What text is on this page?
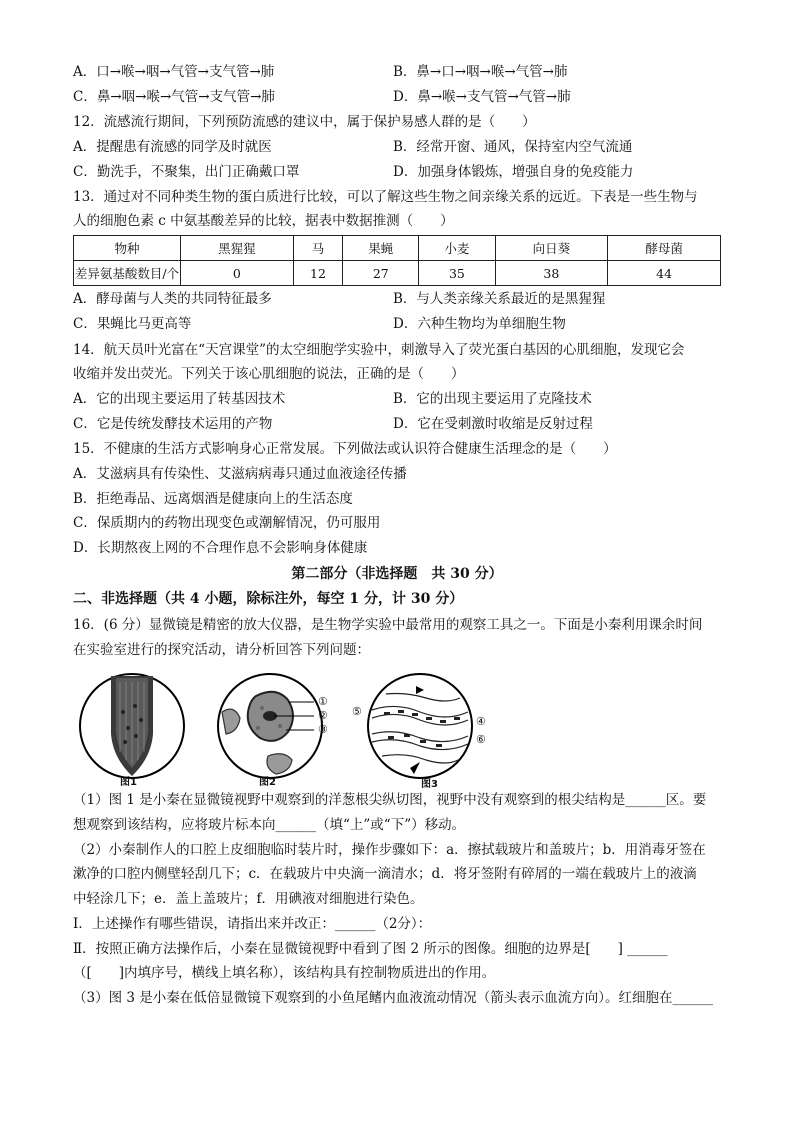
A．口→喉→咽→气管→支气管→肺	B．鼻→口→咽→喉→气管→肺
C．鼻→咽→喉→气管→支气管→肺	D．鼻→喉→支气管→气管→肺
12．流感流行期间，下列预防流感的建议中，属于保护易感人群的是（　　）
A．提醒患有流感的同学及时就医	B．经常开窗、通风，保持室内空气流通
C．勤洗手，不聚集，出门正确戴口罩	D．加强身体锻炼，增强自身的免疫能力
13．通过对不同种类生物的蛋白质进行比较，可以了解这些生物之间亲缘关系的远近。下表是一些生物与
人的细胞色素 c 中氨基酸差异的比较，据表中数据推测（　　）
物种	黑猩猩	马	果蝇	小麦	向日葵	酵母菌
差异氨基酸数目/个	0	12	27	35	38	44
A．酵母菌与人类的共同特征最多	B．与人类亲缘关系最近的是黑猩猩
C．果蝇比马更高等	D．六种生物均为单细胞生物
14．航天员叶光富在“天宫课堂”的太空细胞学实验中，刺激导入了荧光蛋白基因的心肌细胞，发现它会
收缩并发出荧光。下列关于该心肌细胞的说法，正确的是（　　）
A．它的出现主要运用了转基因技术	B．它的出现主要运用了克隆技术
C．它是传统发酵技术运用的产物	D．它在受刺激时收缩是反射过程
15．不健康的生活方式影响身心正常发展。下列做法或认识符合健康生活理念的是（　　）
A．艾滋病具有传染性、艾滋病病毒只通过血液途径传播
B．拒绝毒品、远离烟酒是健康向上的生活态度
C．保质期内的药物出现变色或潮解情况，仍可服用
D．长期熬夜上网的不合理作息不会影响身体健康
第二部分（非选择题　共 30 分）
二、非选择题（共 4 小题，除标注外，每空 1 分，计 30 分）
16．(6 分）显微镜是精密的放大仪器，是生物学实验中最常用的观察工具之一。下面是小秦利用课余时间
在实验室进行的探究活动，请分析回答下列问题：
图1
①
②
③
图2
⑤
④
⑥
图3
（1）图 1 是小秦在显微镜视野中观察到的洋葱根尖纵切图，视野中没有观察到的根尖结构是______区。要
想观察到该结构，应将玻片标本向______（填“上”或“下”）移动。
（2）小秦制作人的口腔上皮细胞临时装片时，操作步骤如下：a．擦拭载玻片和盖玻片；b．用消毒牙签在
漱净的口腔内侧壁轻刮几下；c．在载玻片中央滴一滴清水；d．将牙签附有碎屑的一端在载玻片上的液滴
中轻涂几下；e．盖上盖玻片；f．用碘液对细胞进行染色。
Ⅰ．上述操作有哪些错误，请指出来并改正：______（2分）：
Ⅱ．按照正确方法操作后，小秦在显微镜视野中看到了图 2 所示的图像。细胞的边界是[　　] ______
（[　　]内填序号，横线上填名称），该结构具有控制物质进出的作用。
（3）图 3 是小秦在低倍显微镜下观察到的小鱼尾鳍内血液流动情况（箭头表示血流方向）。红细胞在______
